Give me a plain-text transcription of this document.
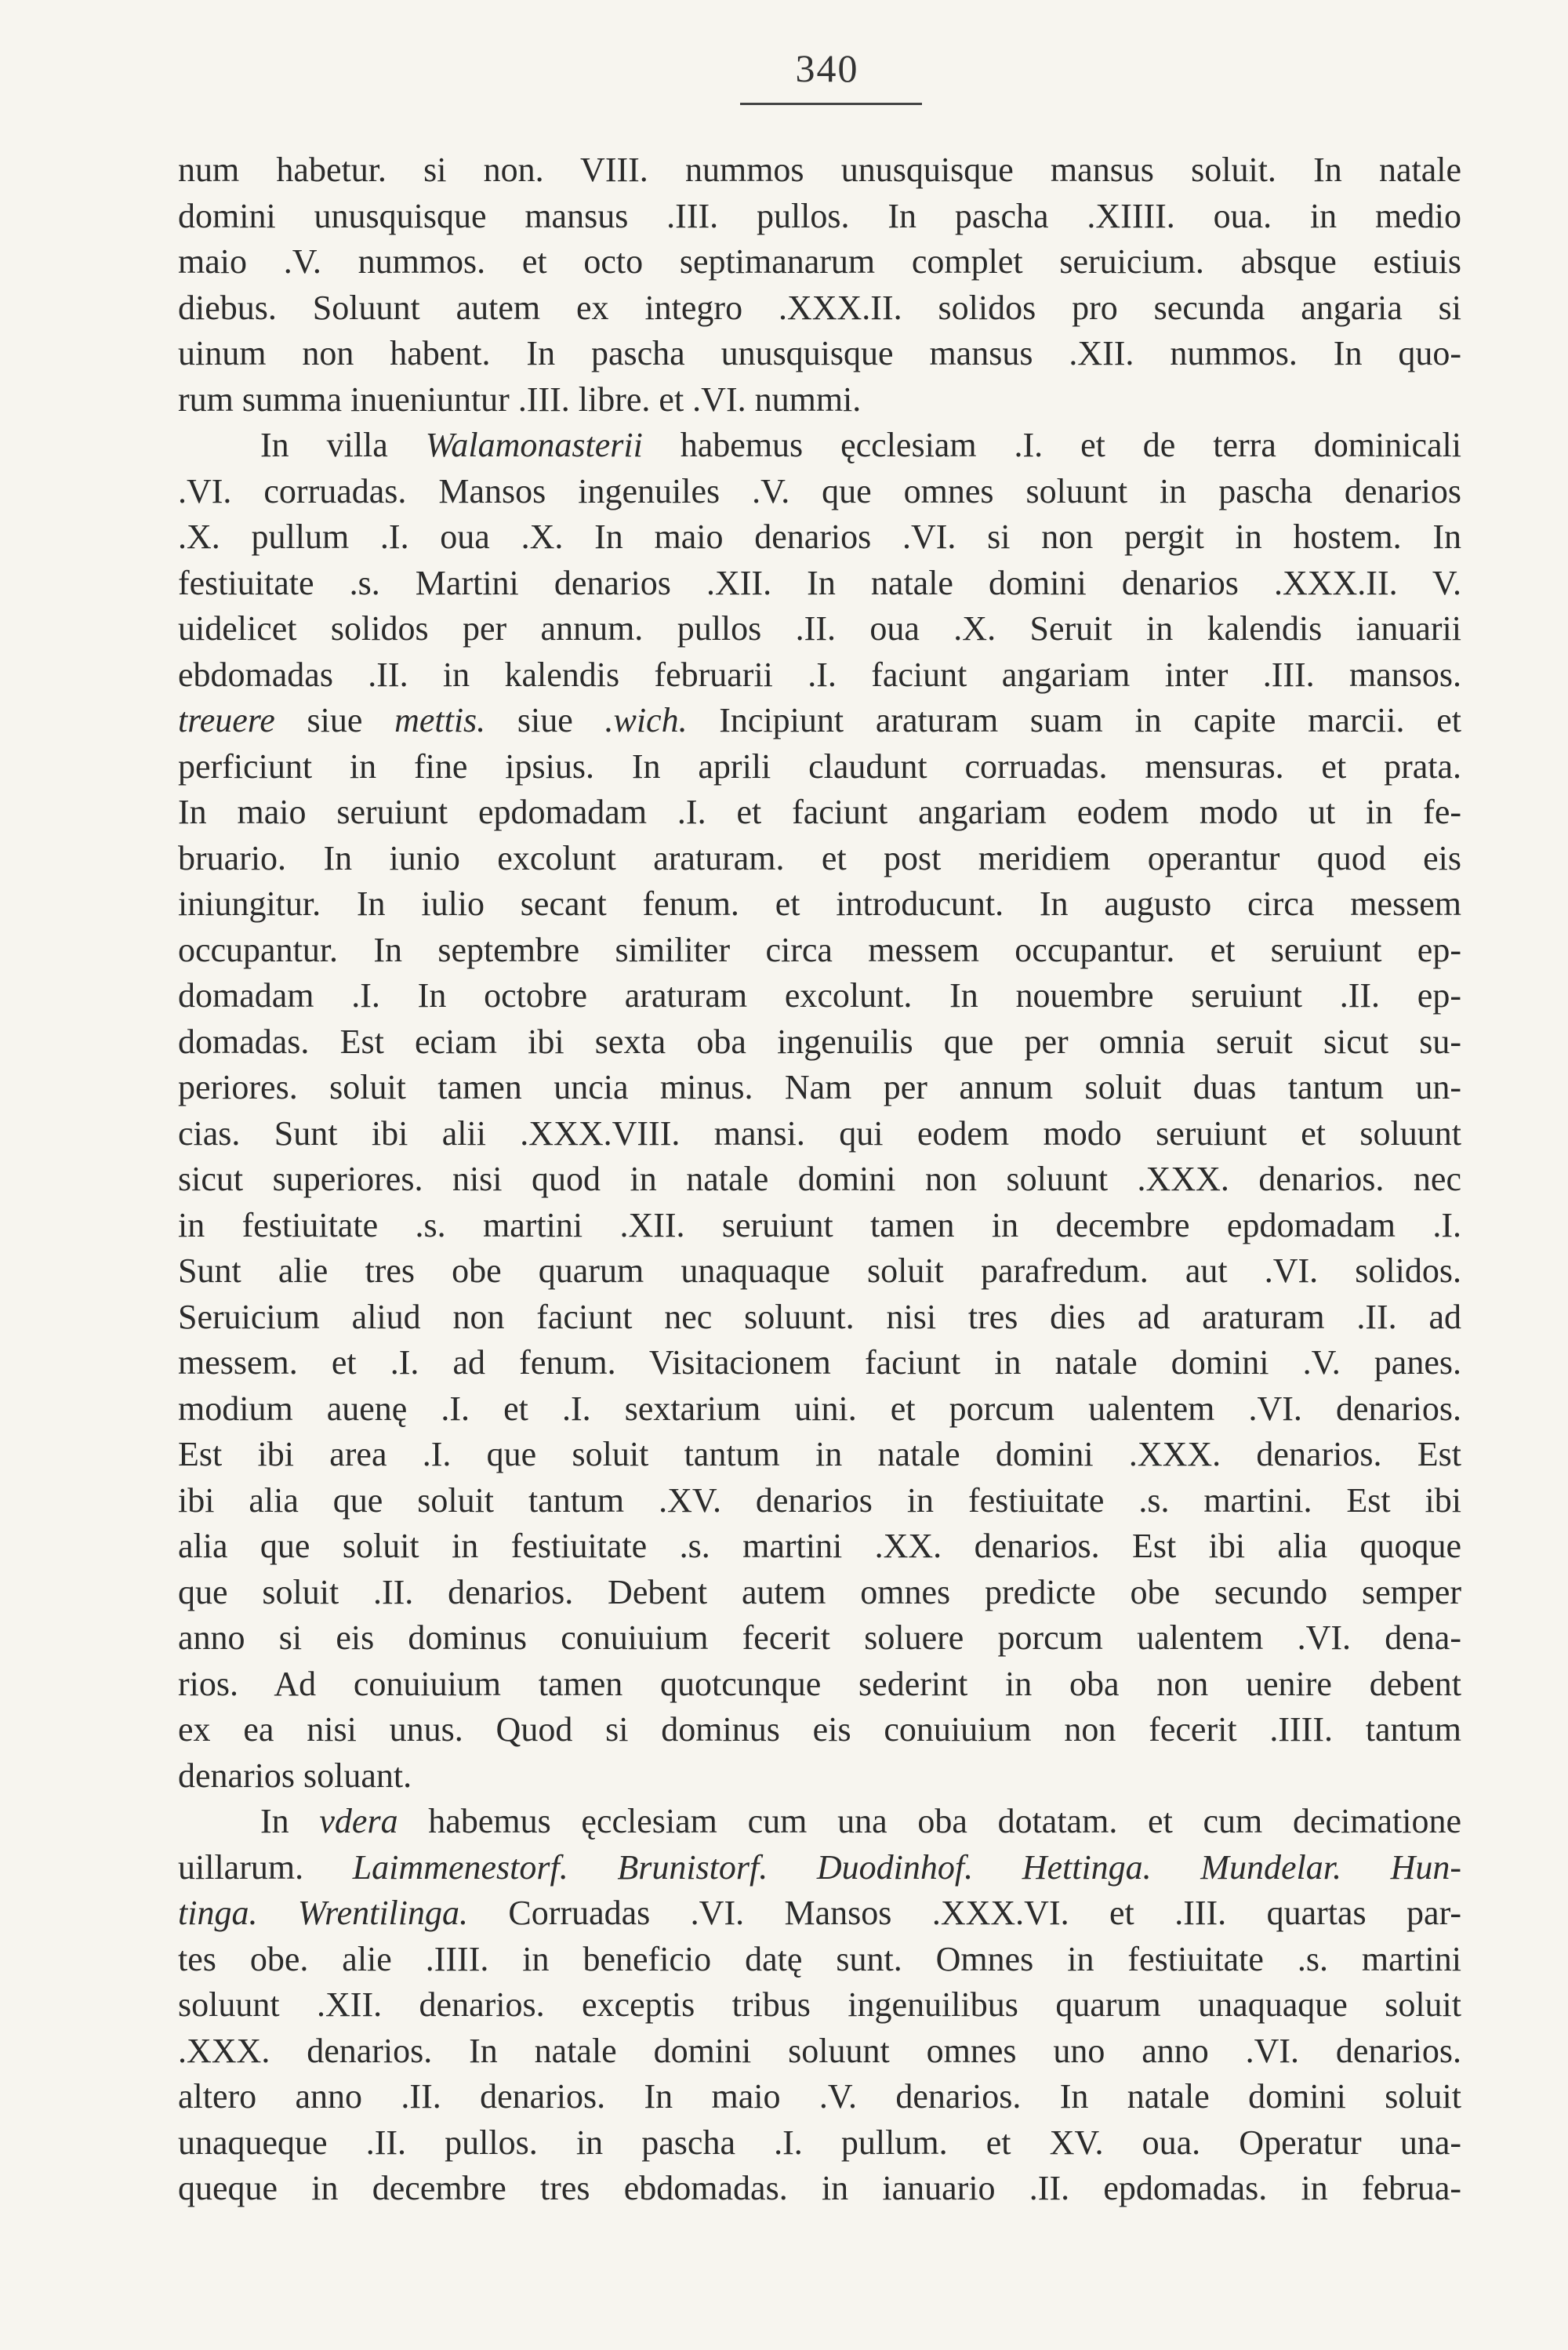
340
num habetur. si non. VIII. nummos unusquisque mansus soluit. In natale
domini unusquisque mansus .III. pullos. In pascha .XIIII. oua. in medio
maio .V. nummos. et octo septimanarum complet seruicium. absque estiuis
diebus. Soluunt autem ex integro .XXX.II. solidos pro secunda angaria si
uinum non habent. In pascha unusquisque mansus .XII. nummos. In quo-
rum summa inueniuntur .III. libre. et .VI. nummi.
In villa Walamonasterii habemus ęcclesiam .I. et de terra dominicali
.VI. corruadas. Mansos ingenuiles .V. que omnes soluunt in pascha denarios
.X. pullum .I. oua .X. In maio denarios .VI. si non pergit in hostem. In
festiuitate .s. Martini denarios .XII. In natale domini denarios .XXX.II. V.
uidelicet solidos per annum. pullos .II. oua .X. Seruit in kalendis ianuarii
ebdomadas .II. in kalendis februarii .I. faciunt angariam inter .III. mansos.
treuere siue mettis. siue .wich. Incipiunt araturam suam in capite marcii. et
perficiunt in fine ipsius. In aprili claudunt corruadas. mensuras. et prata.
In maio seruiunt epdomadam .I. et faciunt angariam eodem modo ut in fe-
bruario. In iunio excolunt araturam. et post meridiem operantur quod eis
iniungitur. In iulio secant fenum. et introducunt. In augusto circa messem
occupantur. In septembre similiter circa messem occupantur. et seruiunt ep-
domadam .I. In octobre araturam excolunt. In nouembre seruiunt .II. ep-
domadas. Est eciam ibi sexta oba ingenuilis que per omnia seruit sicut su-
periores. soluit tamen uncia minus. Nam per annum soluit duas tantum un-
cias. Sunt ibi alii .XXX.VIII. mansi. qui eodem modo seruiunt et soluunt
sicut superiores. nisi quod in natale domini non soluunt .XXX. denarios. nec
in festiuitate .s. martini .XII. seruiunt tamen in decembre epdomadam .I.
Sunt alie tres obe quarum unaquaque soluit parafredum. aut .VI. solidos.
Seruicium aliud non faciunt nec soluunt. nisi tres dies ad araturam .II. ad
messem. et .I. ad fenum. Visitacionem faciunt in natale domini .V. panes.
modium auenę .I. et .I. sextarium uini. et porcum ualentem .VI. denarios.
Est ibi area .I. que soluit tantum in natale domini .XXX. denarios. Est
ibi alia que soluit tantum .XV. denarios in festiuitate .s. martini. Est ibi
alia que soluit in festiuitate .s. martini .XX. denarios. Est ibi alia quoque
que soluit .II. denarios. Debent autem omnes predicte obe secundo semper
anno si eis dominus conuiuium fecerit soluere porcum ualentem .VI. dena-
rios. Ad conuiuium tamen quotcunque sederint in oba non uenire debent
ex ea nisi unus. Quod si dominus eis conuiuium non fecerit .IIII. tantum
denarios soluant.
In vdera habemus ęcclesiam cum una oba dotatam. et cum decimatione
uillarum. Laimmenestorf. Brunistorf. Duodinhof. Hettinga. Mundelar. Hun-
tinga. Wrentilinga. Corruadas .VI. Mansos .XXX.VI. et .III. quartas par-
tes obe. alie .IIII. in beneficio datę sunt. Omnes in festiuitate .s. martini
soluunt .XII. denarios. exceptis tribus ingenuilibus quarum unaquaque soluit
.XXX. denarios. In natale domini soluunt omnes uno anno .VI. denarios.
altero anno .II. denarios. In maio .V. denarios. In natale domini soluit
unaqueque .II. pullos. in pascha .I. pullum. et XV. oua. Operatur una-
queque in decembre tres ebdomadas. in ianuario .II. epdomadas. in februa-
